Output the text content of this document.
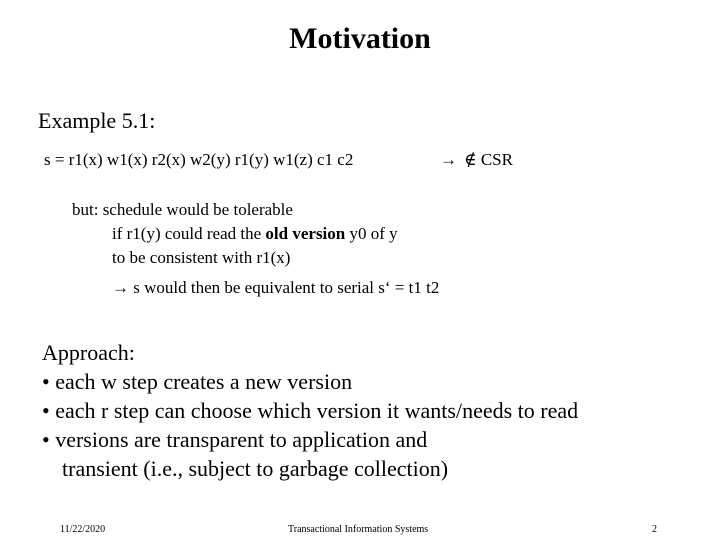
Motivation
Example 5.1:
s = r1(x) w1(x) r2(x) w2(y) r1(y) w1(z) c1 c2	→ ∉ CSR
but: schedule would be tolerable
if r1(y) could read the old version y0 of y
to be consistent with r1(x)
→ s would then be equivalent to serial s‘ = t1 t2
Approach:
• each w step creates a new version
• each r step can choose which version it wants/needs to read
• versions are transparent to application and
transient (i.e., subject to garbage collection)
11/22/2020	Transactional Information Systems	2
